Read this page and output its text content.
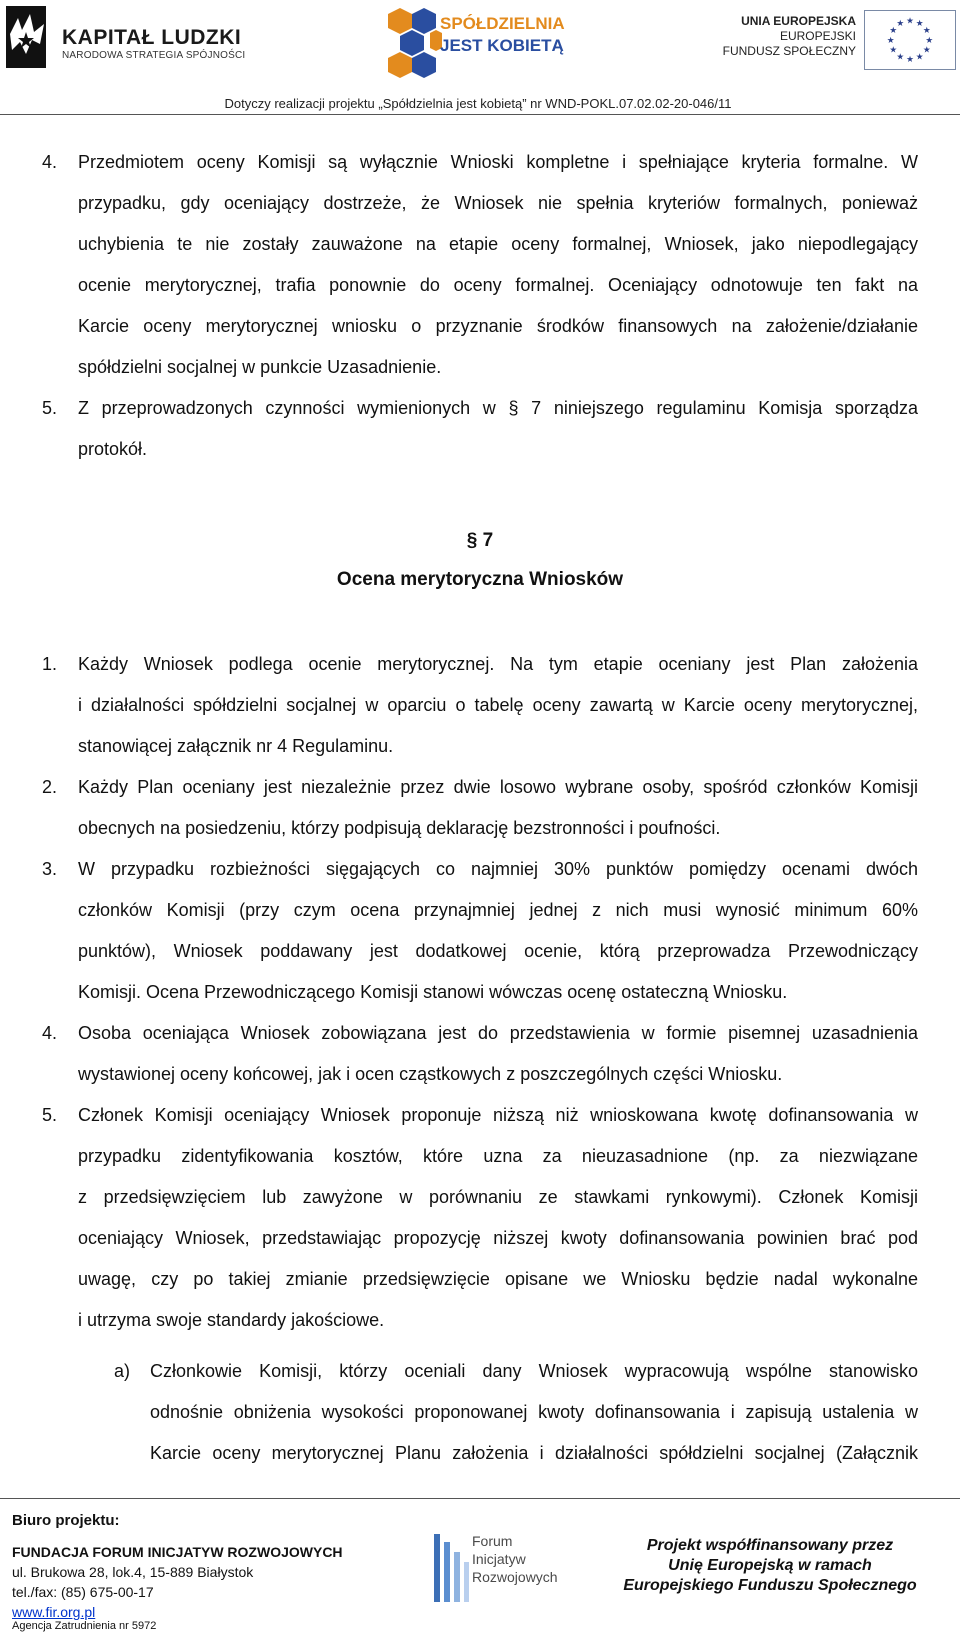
KAPITAŁ LUDZKI
NARODOWA STRATEGIA SPÓJNOŚCI
SPÓŁDZIELNIA
JEST KOBIETĄ
UNIA EUROPEJSKA
EUROPEJSKI
FUNDUSZ SPOŁECZNY
★
★
★
★
★
★
★
★
★ ★ ★
★
Dotyczy realizacji projektu „Spółdzielnia jest kobietą” nr WND-POKL.07.02.02-20-046/11
4. Przedmiotem oceny Komisji są wyłącznie Wnioski kompletne i spełniające kryteria formalne. W
przypadku, gdy oceniający dostrzeże, że Wniosek nie spełnia kryteriów formalnych, ponieważ
uchybienia te nie zostały zauważone na etapie oceny formalnej, Wniosek, jako niepodlegający
ocenie merytorycznej, trafia ponownie do oceny formalnej. Oceniający odnotowuje ten fakt na
Karcie oceny merytorycznej wniosku o przyznanie środków finansowych na założenie/działanie
spółdzielni socjalnej w punkcie Uzasadnienie.
5. Z przeprowadzonych czynności wymienionych w § 7 niniejszego regulaminu Komisja sporządza
protokół.
§ 7
Ocena merytoryczna Wniosków
1. Każdy Wniosek podlega ocenie merytorycznej. Na tym etapie oceniany jest Plan założenia
i działalności spółdzielni socjalnej w oparciu o tabelę oceny zawartą w Karcie oceny merytorycznej,
stanowiącej załącznik nr 4 Regulaminu.
2. Każdy Plan oceniany jest niezależnie przez dwie losowo wybrane osoby, spośród członków Komisji
obecnych na posiedzeniu, którzy podpisują deklarację bezstronności i poufności.
3. W przypadku rozbieżności sięgających co najmniej 30% punktów pomiędzy ocenami dwóch
członków Komisji (przy czym ocena przynajmniej jednej z nich musi wynosić minimum 60%
punktów), Wniosek poddawany jest dodatkowej ocenie, którą przeprowadza Przewodniczący
Komisji. Ocena Przewodniczącego Komisji stanowi wówczas ocenę ostateczną Wniosku.
4. Osoba oceniająca Wniosek zobowiązana jest do przedstawienia w formie pisemnej uzasadnienia
wystawionej oceny końcowej, jak i ocen cząstkowych z poszczególnych części Wniosku.
5. Członek Komisji oceniający Wniosek proponuje niższą niż wnioskowana kwotę dofinansowania w
przypadku zidentyfikowania kosztów, które uzna za nieuzasadnione (np. za niezwiązane
z przedsięwzięciem lub zawyżone w porównaniu ze stawkami rynkowymi). Członek Komisji
oceniający Wniosek, przedstawiając propozycję niższej kwoty dofinansowania powinien brać pod
uwagę, czy po takiej zmianie przedsięwzięcie opisane we Wniosku będzie nadal wykonalne
i utrzyma swoje standardy jakościowe.
a) Członkowie Komisji, którzy oceniali dany Wniosek wypracowują wspólne stanowisko
odnośnie obniżenia wysokości proponowanej kwoty dofinansowania i zapisują ustalenia w
Karcie oceny merytorycznej Planu założenia i działalności spółdzielni socjalnej (Załącznik
Biuro projektu:
FUNDACJA FORUM INICJATYW ROZWOJOWYCH
ul. Brukowa 28, lok.4, 15-889 Białystok
tel./fax: (85) 675-00-17
www.fir.org.pl
Agencja Zatrudnienia nr 5972
Forum
Inicjatyw
Rozwojowych
Projekt współfinansowany przez
Unię Europejską w ramach
Europejskiego Funduszu Społecznego
